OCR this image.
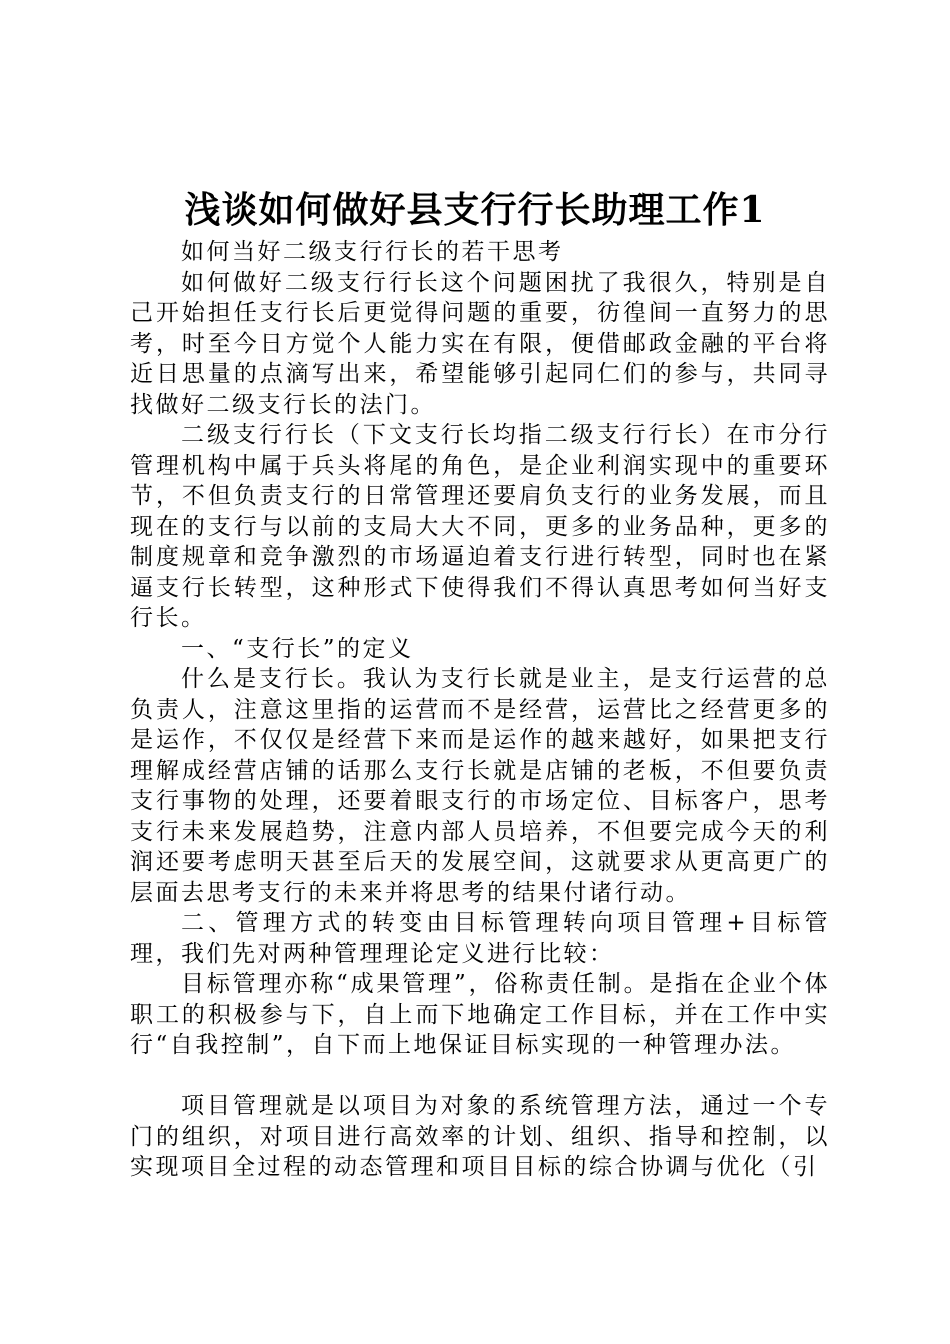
浅谈如何做好县支行行长助理工作1

如何当好二级支行行长的若干思考

如何做好二级支行行长这个问题困扰了我很久，特别是自己开始担任支行长后更觉得问题的重要，彷徨间一直努力的思考，时至今日方觉个人能力实在有限，便借邮政金融的平台将近日思量的点滴写出来，希望能够引起同仁们的参与，共同寻找做好二级支行长的法门。

二级支行行长（下文支行长均指二级支行行长）在市分行管理机构中属于兵头将尾的角色，是企业利润实现中的重要环节，不但负责支行的日常管理还要肩负支行的业务发展，而且现在的支行与以前的支局大大不同，更多的业务品种，更多的制度规章和竞争激烈的市场逼迫着支行进行转型，同时也在紧逼支行长转型，这种形式下使得我们不得认真思考如何当好支行长。

一、“支行长”的定义

什么是支行长。我认为支行长就是业主，是支行运营的总负责人，注意这里指的运营而不是经营，运营比之经营更多的是运作，不仅仅是经营下来而是运作的越来越好，如果把支行理解成经营店铺的话那么支行长就是店铺的老板，不但要负责支行事物的处理，还要着眼支行的市场定位、目标客户，思考支行未来发展趋势，注意内部人员培养，不但要完成今天的利润还要考虑明天甚至后天的发展空间，这就要求从更高更广的层面去思考支行的未来并将思考的结果付诸行动。

二、管理方式的转变由目标管理转向项目管理+目标管理，我们先对两种管理理论定义进行比较：

目标管理亦称“成果管理”，俗称责任制。是指在企业个体职工的积极参与下，自上而下地确定工作目标，并在工作中实行“自我控制”，自下而上地保证目标实现的一种管理办法。

项目管理就是以项目为对象的系统管理方法，通过一个专门的组织，对项目进行高效率的计划、组织、指导和控制，以实现项目全过程的动态管理和项目目标的综合协调与优化（引
